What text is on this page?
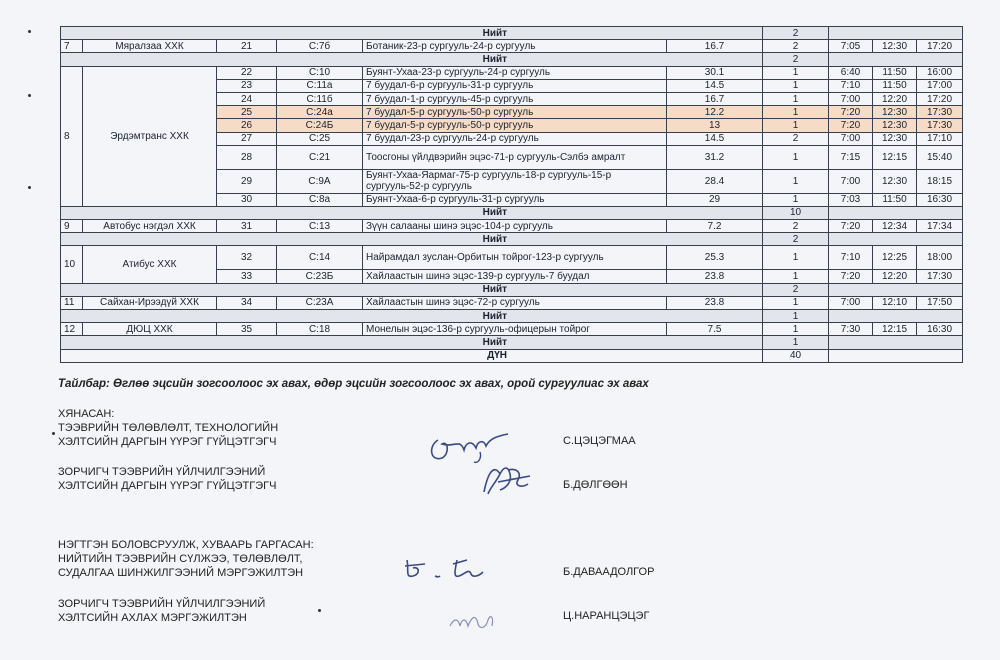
Нийт						2			
7	Мяралзаа ХХК	21	С:7б	Ботаник-23-р сургууль-24-р сургууль	16.7	2	7:05	12:30	17:20
Нийт						2			
8	Эрдэмтранс ХХК	22	С:10	Буянт-Ухаа-23-р сургууль-24-р сургууль	30.1	1	6:40	11:50	16:00
		23	С:11а	7 буудал-6-р сургууль-31-р сургууль	14.5	1	7:10	11:50	17:00
		24	С:11б	7 буудал-1-р сургууль-45-р сургууль	16.7	1	7:00	12:20	17:20
		25	С:24а	7 буудал-5-р сургууль-50-р сургууль	12.2	1	7:20	12:30	17:30
		26	С:24Б	7 буудал-5-р сургууль-50-р сургууль	13	1	7:20	12:30	17:30
		27	С:25	7 буудал-23-р сургууль-24-р сургууль	14.5	2	7:00	12:30	17:10
		28	С:21	Тоосгоны үйлдвэрийн эцэс-71-р сургууль-Сэлбэ амралт	31.2	1	7:15	12:15	15:40
		29	С:9А	Буянт-Ухаа-Яармаг-75-р сургууль-18-р сургууль-15-р сургууль-52-р сургууль	28.4	1	7:00	12:30	18:15
		30	С:8а	Буянт-Ухаа-6-р сургууль-31-р сургууль	29	1	7:03	11:50	16:30
Нийт						10			
9	Автобус нэгдэл ХХК	31	С:13	Зүүн салааны шинэ эцэс-104-р сургууль	7.2	2	7:20	12:34	17:34
Нийт						2			
10	Атибус ХХК	32	С:14	Найрамдал зуслан-Орбитын тойрог-123-р сургууль	25.3	1	7:10	12:25	18:00
		33	С:23Б	Хайлаастын шинэ эцэс-139-р сургууль-7 буудал	23.8	1	7:20	12:20	17:30
Нийт						2			
11	Сайхан-Ирээдүй ХХК	34	С:23А	Хайлаастын шинэ эцэс-72-р сургууль	23.8	1	7:00	12:10	17:50
Нийт						1			
12	ДЮЦ ХХК	35	С:18	Монелын эцэс-136-р сургууль-офицерын тойрог	7.5	1	7:30	12:15	16:30
Нийт						1			
ДҮН						40			
Тайлбар: Өглөө эцсийн зогсоолоос эх авах, өдөр эцсийн зогсоолоос эх авах, орой сургуулиас эх авах
ХЯНАСАН:
ТЭЭВРИЙН ТӨЛӨВЛӨЛТ, ТЕХНОЛОГИЙН
ХЭЛТСИЙН ДАРГЫН ҮҮРЭГ ГҮЙЦЭТГЭГЧ	С.ЦЭЦЭГМАА
ЗОРЧИГЧ ТЭЭВРИЙН ҮЙЛЧИЛГЭЭНИЙ
ХЭЛТСИЙН ДАРГЫН ҮҮРЭГ ГҮЙЦЭТГЭГЧ	Б.ДӨЛГӨӨН
НЭГТГЭН БОЛОВСРУУЛЖ, ХУВААРЬ ГАРГАСАН:
НИЙТИЙН ТЭЭВРИЙН СҮЛЖЭЭ, ТӨЛӨВЛӨЛТ,
СУДАЛГАА ШИНЖИЛГЭЭНИЙ МЭРГЭЖИЛТЭН	Б.ДАВААДОЛГОР
ЗОРЧИГЧ ТЭЭВРИЙН ҮЙЛЧИЛГЭЭНИЙ
ХЭЛТСИЙН АХЛАХ МЭРГЭЖИЛТЭН	Ц.НАРАНЦЭЦЭГ
